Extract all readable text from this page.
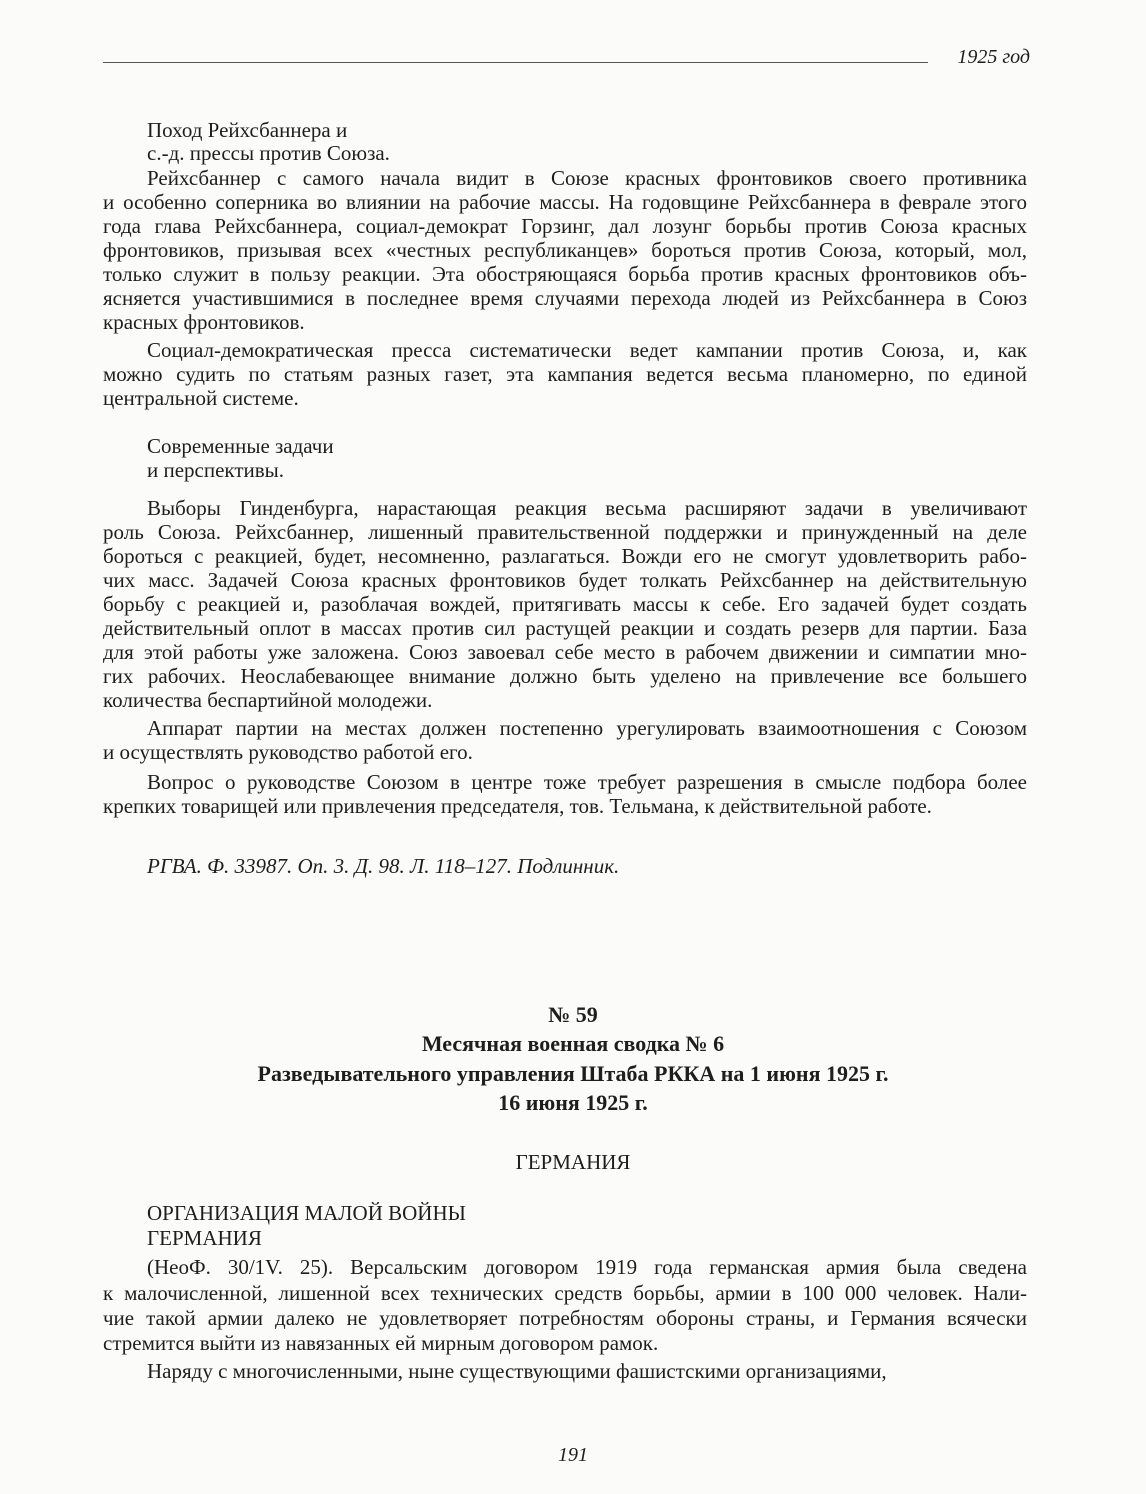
1925 год
Поход Рейхсбаннера и
с.-д. прессы против Союза.
Рейхсбаннер с самого начала видит в Союзе красных фронтовиков своего противника
и особенно соперника во влиянии на рабочие массы. На годовщине Рейхсбаннера в феврале этого
года глава Рейхсбаннера, социал-демократ Горзинг, дал лозунг борьбы против Союза красных
фронтовиков, призывая всех «честных республиканцев» бороться против Союза, который, мол,
только служит в пользу реакции. Эта обостряющаяся борьба против красных фронтовиков объ-
ясняется участившимися в последнее время случаями перехода людей из Рейхсбаннера в Союз
красных фронтовиков.
Социал-демократическая пресса систематически ведет кампании против Союза, и, как
можно судить по статьям разных газет, эта кампания ведется весьма планомерно, по единой
центральной системе.
Современные задачи
и перспективы.
Выборы Гинденбурга, нарастающая реакция весьма расширяют задачи в увеличивают
роль Союза. Рейхсбаннер, лишенный правительственной поддержки и принужденный на деле
бороться с реакцией, будет, несомненно, разлагаться. Вожди его не смогут удовлетворить рабо-
чих масс. Задачей Союза красных фронтовиков будет толкать Рейхсбаннер на действительную
борьбу с реакцией и, разоблачая вождей, притягивать массы к себе. Его задачей будет создать
действительный оплот в массах против сил растущей реакции и создать резерв для партии. База
для этой работы уже заложена. Союз завоевал себе место в рабочем движении и симпатии мно-
гих рабочих. Неослабевающее внимание должно быть уделено на привлечение все большего
количества беспартийной молодежи.
Аппарат партии на местах должен постепенно урегулировать взаимоотношения с Союзом
и осуществлять руководство работой его.
Вопрос о руководстве Союзом в центре тоже требует разрешения в смысле подбора более
крепких товарищей или привлечения председателя, тов. Тельмана, к действительной работе.
РГВА. Ф. 33987. Оп. 3. Д. 98. Л. 118–127. Подлинник.
№ 59
Месячная военная сводка № 6
Разведывательного управления Штаба РККА на 1 июня 1925 г.
16 июня 1925 г.
ГЕРМАНИЯ
ОРГАНИЗАЦИЯ МАЛОЙ ВОЙНЫ
ГЕРМАНИЯ
(НеоФ. 30/1V. 25). Версальским договором 1919 года германская армия была сведена
к малочисленной, лишенной всех технических средств борьбы, армии в 100 000 человек. Нали-
чие такой армии далеко не удовлетворяет потребностям обороны страны, и Германия всячески
стремится выйти из навязанных ей мирным договором рамок.
Наряду с многочисленными, ныне существующими фашистскими организациями,
191
